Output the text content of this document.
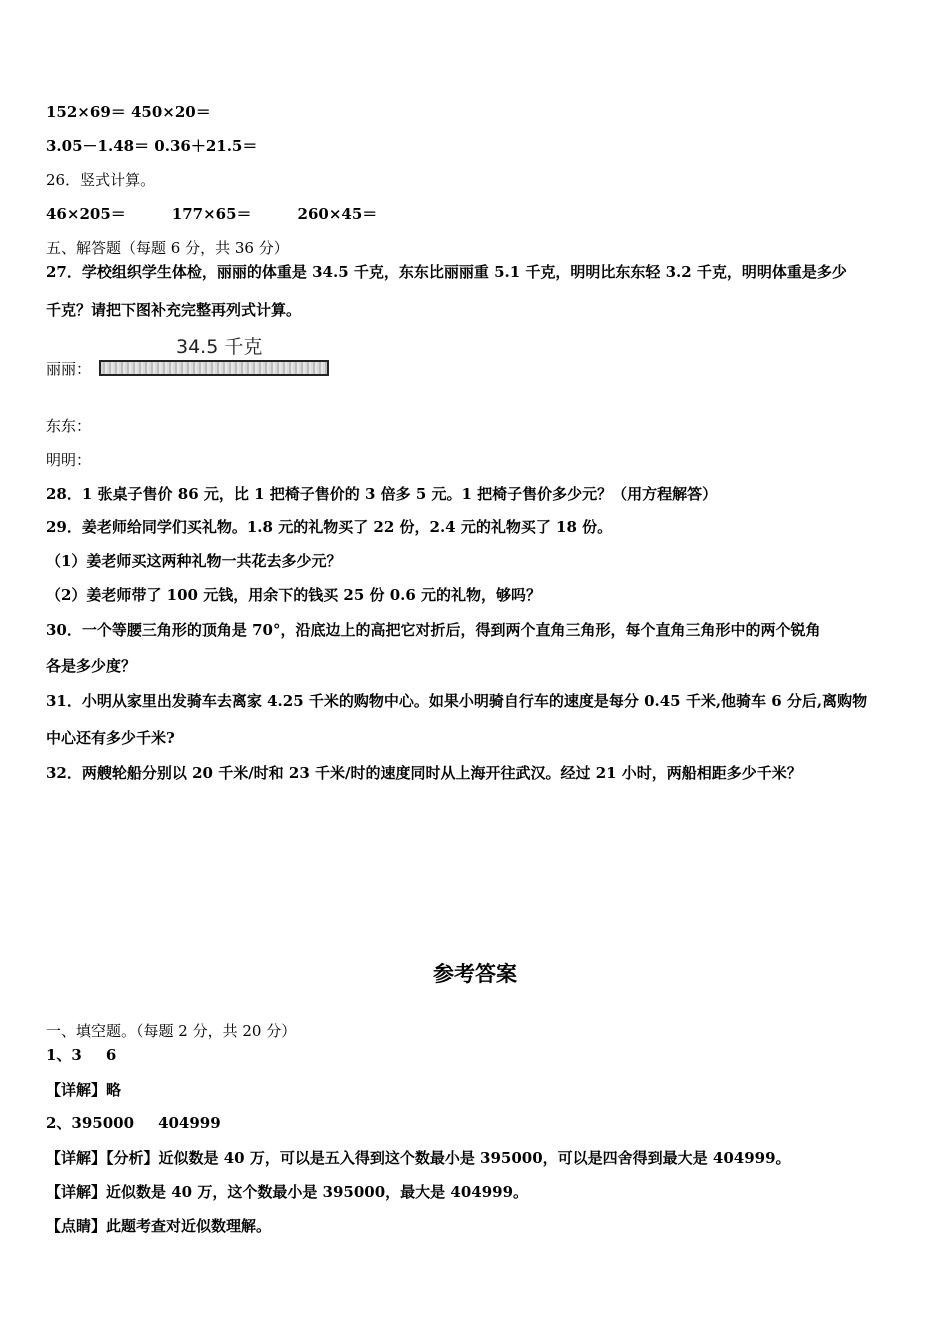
152×69＝ 450×20＝
3.05－1.48＝ 0.36＋21.5＝
26．竖式计算。
46×205＝	177×65＝	260×45＝
五、解答题（每题 6 分，共 36 分）
27．学校组织学生体检，丽丽的体重是 34.5 千克，东东比丽丽重 5.1 千克，明明比东东轻 3.2 千克，明明体重是多少
千克？请把下图补充完整再列式计算。
34.5 千克
丽丽：
东东：
明明：
28．1 张桌子售价 86 元，比 1 把椅子售价的 3 倍多 5 元。1 把椅子售价多少元？（用方程解答）
29．姜老师给同学们买礼物。1.8 元的礼物买了 22 份，2.4 元的礼物买了 18 份。
（1）姜老师买这两种礼物一共花去多少元？
（2）姜老师带了 100 元钱，用余下的钱买 25 份 0.6 元的礼物，够吗？
30．一个等腰三角形的顶角是 70°，沿底边上的高把它对折后，得到两个直角三角形，每个直角三角形中的两个锐角
各是多少度？
31．小明从家里出发骑车去离家 4.25 千米的购物中心。如果小明骑自行车的速度是每分 0.45 千米,他骑车 6 分后,离购物
中心还有多少千米?
32．两艘轮船分别以 20 千米/时和 23 千米/时的速度同时从上海开往武汉。经过 21 小时，两船相距多少千米？
参考答案
一、填空题。（每题 2 分，共 20 分）
1、3 6
【详解】略
2、395000 404999
【详解】【分析】近似数是 40 万，可以是五入得到这个数最小是 395000，可以是四舍得到最大是 404999。
【详解】近似数是 40 万，这个数最小是 395000，最大是 404999。
【点睛】此题考查对近似数理解。
